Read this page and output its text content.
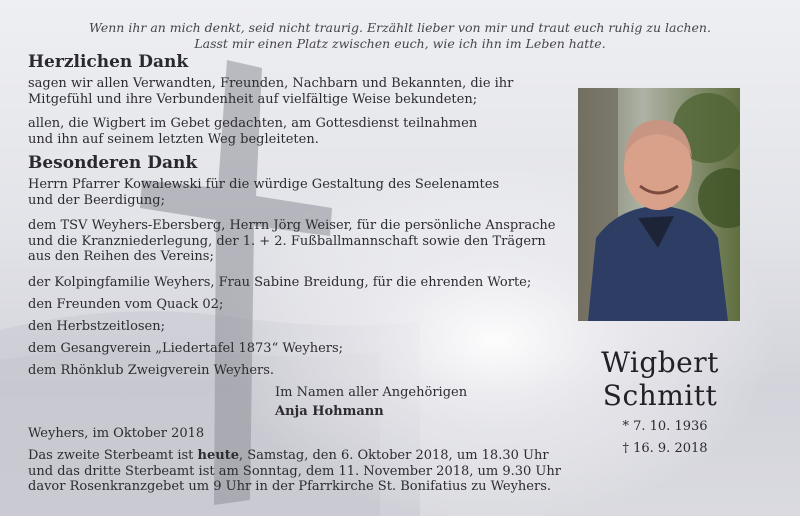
Wenn ihr an mich denkt, seid nicht traurig. Erzählt lieber von mir und traut euch ruhig zu lachen.
Lasst mir einen Platz zwischen euch, wie ich ihn im Leben hatte.
Herzlichen Dank
sagen wir allen Verwandten, Freunden, Nachbarn und Bekannten, die ihr
Mitgefühl und ihre Verbundenheit auf vielfältige Weise bekundeten;
allen, die Wigbert im Gebet gedachten, am Gottesdienst teilnahmen
und ihn auf seinem letzten Weg begleiteten.
Besonderen Dank
Herrn Pfarrer Kowalewski für die würdige Gestaltung des Seelenamtes
und der Beerdigung;
dem TSV Weyhers-Ebersberg, Herrn Jörg Weiser, für die persönliche Ansprache
und die Kranzniederlegung, der 1. + 2. Fußballmannschaft sowie den Trägern
aus den Reihen des Vereins;
der Kolpingfamilie Weyhers, Frau Sabine Breidung, für die ehrenden Worte;
den Freunden vom Quack 02;
den Herbstzeitlosen;
dem Gesangverein „Liedertafel 1873“ Weyhers;
dem Rhönklub Zweigverein Weyhers.
Im Namen aller Angehörigen
Anja Hohmann
Weyhers, im Oktober 2018
Das zweite Sterbeamt ist heute, Samstag, den 6. Oktober 2018, um 18.30 Uhr
und das dritte Sterbeamt ist am Sonntag, dem 11. November 2018, um 9.30 Uhr
davor Rosenkranzgebet um 9 Uhr in der Pfarrkirche St. Bonifatius zu Weyhers.
Wigbert
Schmitt
* 7. 10. 1936
† 16. 9. 2018
